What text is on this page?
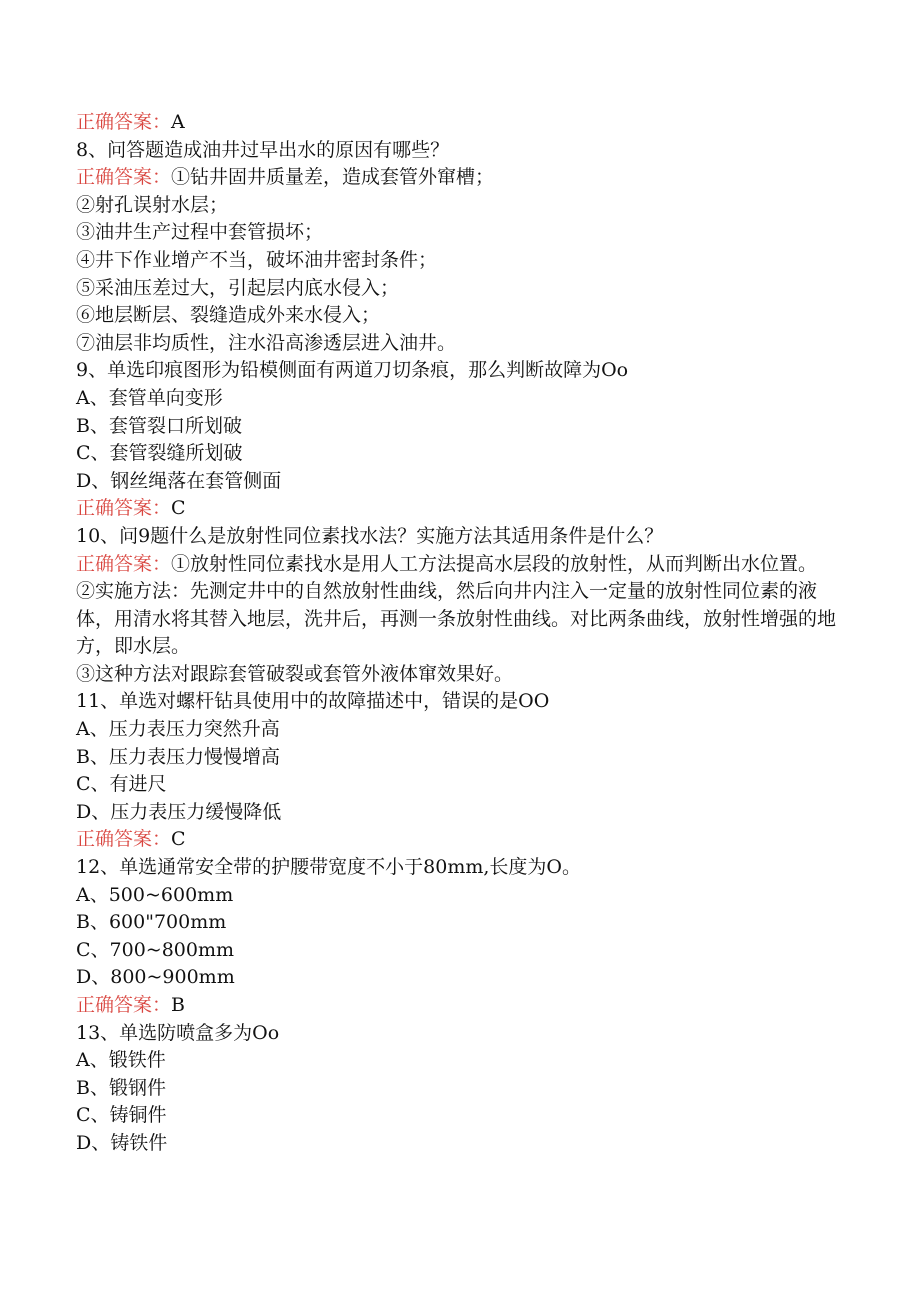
正确答案：A
8、问答题造成油井过早出水的原因有哪些？
正确答案：①钻井固井质量差，造成套管外窜槽；
②射孔误射水层；
③油井生产过程中套管损坏；
④井下作业增产不当，破坏油井密封条件；
⑤采油压差过大，引起层内底水侵入；
⑥地层断层、裂缝造成外来水侵入；
⑦油层非均质性，注水沿高渗透层进入油井。
9、单选印痕图形为铅模侧面有两道刀切条痕，那么判断故障为Oo
A、套管单向变形
B、套管裂口所划破
C、套管裂缝所划破
D、钢丝绳落在套管侧面
正确答案：C
10、问9题什么是放射性同位素找水法？实施方法其适用条件是什么？
正确答案：①放射性同位素找水是用人工方法提高水层段的放射性，从而判断出水位置。
②实施方法：先测定井中的自然放射性曲线，然后向井内注入一定量的放射性同位素的液体，用清水将其替入地层，洗井后，再测一条放射性曲线。对比两条曲线，放射性增强的地方，即水层。
③这种方法对跟踪套管破裂或套管外液体窜效果好。
11、单选对螺杆钻具使用中的故障描述中，错误的是OO
A、压力表压力突然升高
B、压力表压力慢慢增高
C、有进尺
D、压力表压力缓慢降低
正确答案：C
12、单选通常安全带的护腰带宽度不小于80mm,长度为O。
A、500~600mm
B、600"700mm
C、700~800mm
D、800~900mm
正确答案：B
13、单选防喷盒多为Oo
A、锻铁件
B、锻钢件
C、铸铜件
D、铸铁件
